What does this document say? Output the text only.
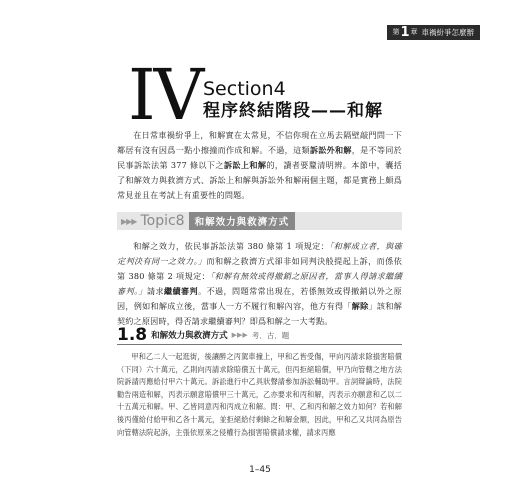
第 1 章 車禍紛爭怎麼辦
IV Section4
程序終結階段——和解

在日常車禍紛爭上，和解實在太常見，不信你現在立馬去隔壁敲門問一下鄰居有沒有因爲一點小擦撞而作成和解。不過，這類訴訟外和解，是不等同於民事訴訟法第 377 條以下之訴訟上和解的，讀者要釐清明辨。本節中，囊括了和解效力與救濟方式、訴訟上和解與訴訟外和解兩個主題，都是實務上頗爲常見並且在考試上有重要性的問題。

▶▶▶ Topic8	和解效力與救濟方式

和解之效力，依民事訴訟法第 380 條第 1 項規定：「和解成立者，與確定判決有同一之效力。」而和解之救濟方式卻非如同判決般提起上訴，而係依第 380 條第 2 項規定：「和解有無效或得撤銷之原因者，當事人得請求繼續審判。」請求繼續審判。不過，問題常常出現在，若係無效或得撤銷以外之原因，例如和解成立後，當事人一方不履行和解內容，他方有得「解除」該和解契約之原因時，得否請求繼續審判？即爲和解之一大考點。

1.8 和解效力與救濟方式 ▶▶▶ 考．古．題

甲和乙二人一起逛街，後讓醉之丙駕車撞上，甲和乙皆受傷，甲向丙請求除損害賠償（下同）六十萬元，乙則向丙請求除賠償五十萬元，但丙拒絕賠償，甲乃向管轄之地方法院訴請丙應給付甲六十萬元。訴訟進行中乙具狀聲請參加訴訟輔助甲。言詞辯論時，法院勸告兩造和解，丙表示願意賠償甲三十萬元，乙亦要求和丙和解，丙表示亦願意和乙以二十五萬元和解。甲、乙皆同意丙和丙成立和解。問：甲、乙和丙和解之效力如何？若和解後丙僅給付給甲和乙各十萬元，並拒絕給付剩餘之和解金額，因此，甲和乙又共同為原告向管轄法院起訴，主張依原來之侵權行為損害賠償請求權，請求丙應

1–45
